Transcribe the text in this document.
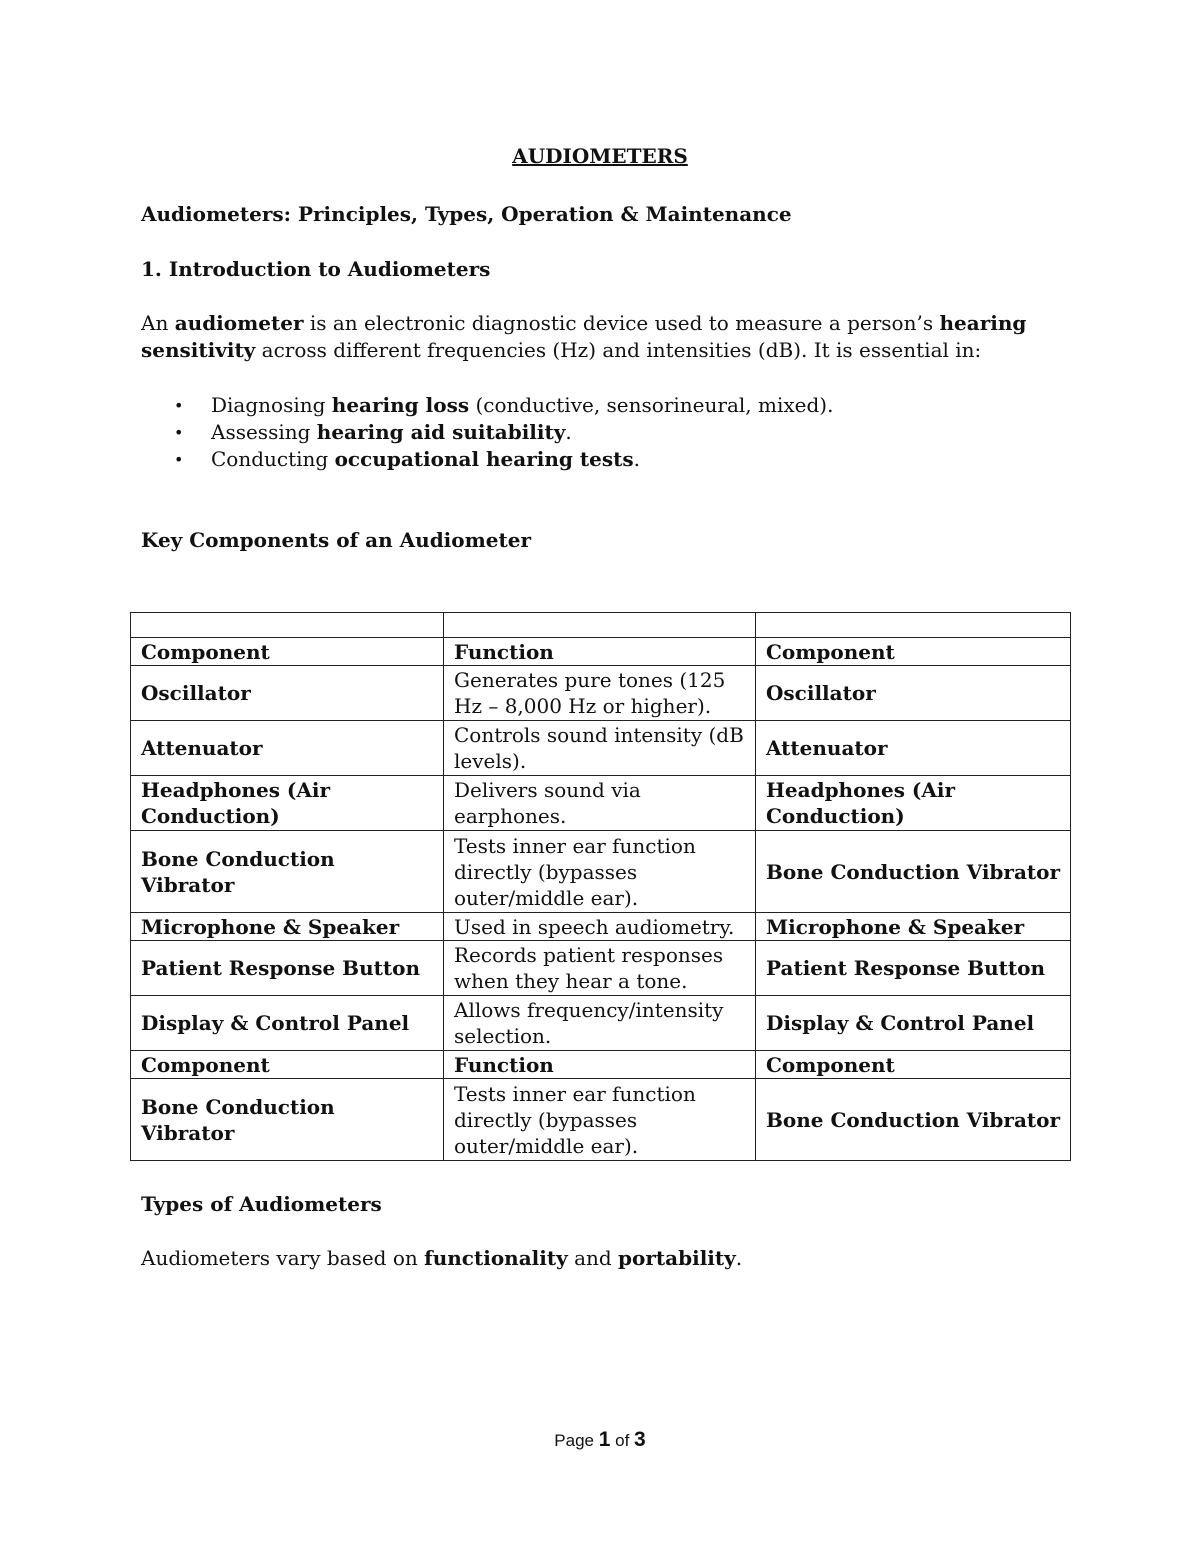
AUDIOMETERS
Audiometers: Principles, Types, Operation & Maintenance
1. Introduction to Audiometers
An audiometer is an electronic diagnostic device used to measure a person’s hearing sensitivity across different frequencies (Hz) and intensities (dB). It is essential in:
• Diagnosing hearing loss (conductive, sensorineural, mixed).
• Assessing hearing aid suitability.
• Conducting occupational hearing tests.
Key Components of an Audiometer

Component	Function	Component
Oscillator	Generates pure tones (125 Hz – 8,000 Hz or higher).	Oscillator
Attenuator	Controls sound intensity (dB levels).	Attenuator
Headphones (Air Conduction)	Delivers sound via earphones.	Headphones (Air Conduction)
Bone Conduction Vibrator	Tests inner ear function directly (bypasses outer/middle ear).	Bone Conduction Vibrator
Microphone & Speaker	Used in speech audiometry.	Microphone & Speaker
Patient Response Button	Records patient responses when they hear a tone.	Patient Response Button
Display & Control Panel	Allows frequency/intensity selection.	Display & Control Panel
Component	Function	Component
Bone Conduction Vibrator	Tests inner ear function directly (bypasses outer/middle ear).	Bone Conduction Vibrator
Types of Audiometers
Audiometers vary based on functionality and portability.
Page 1 of 3
